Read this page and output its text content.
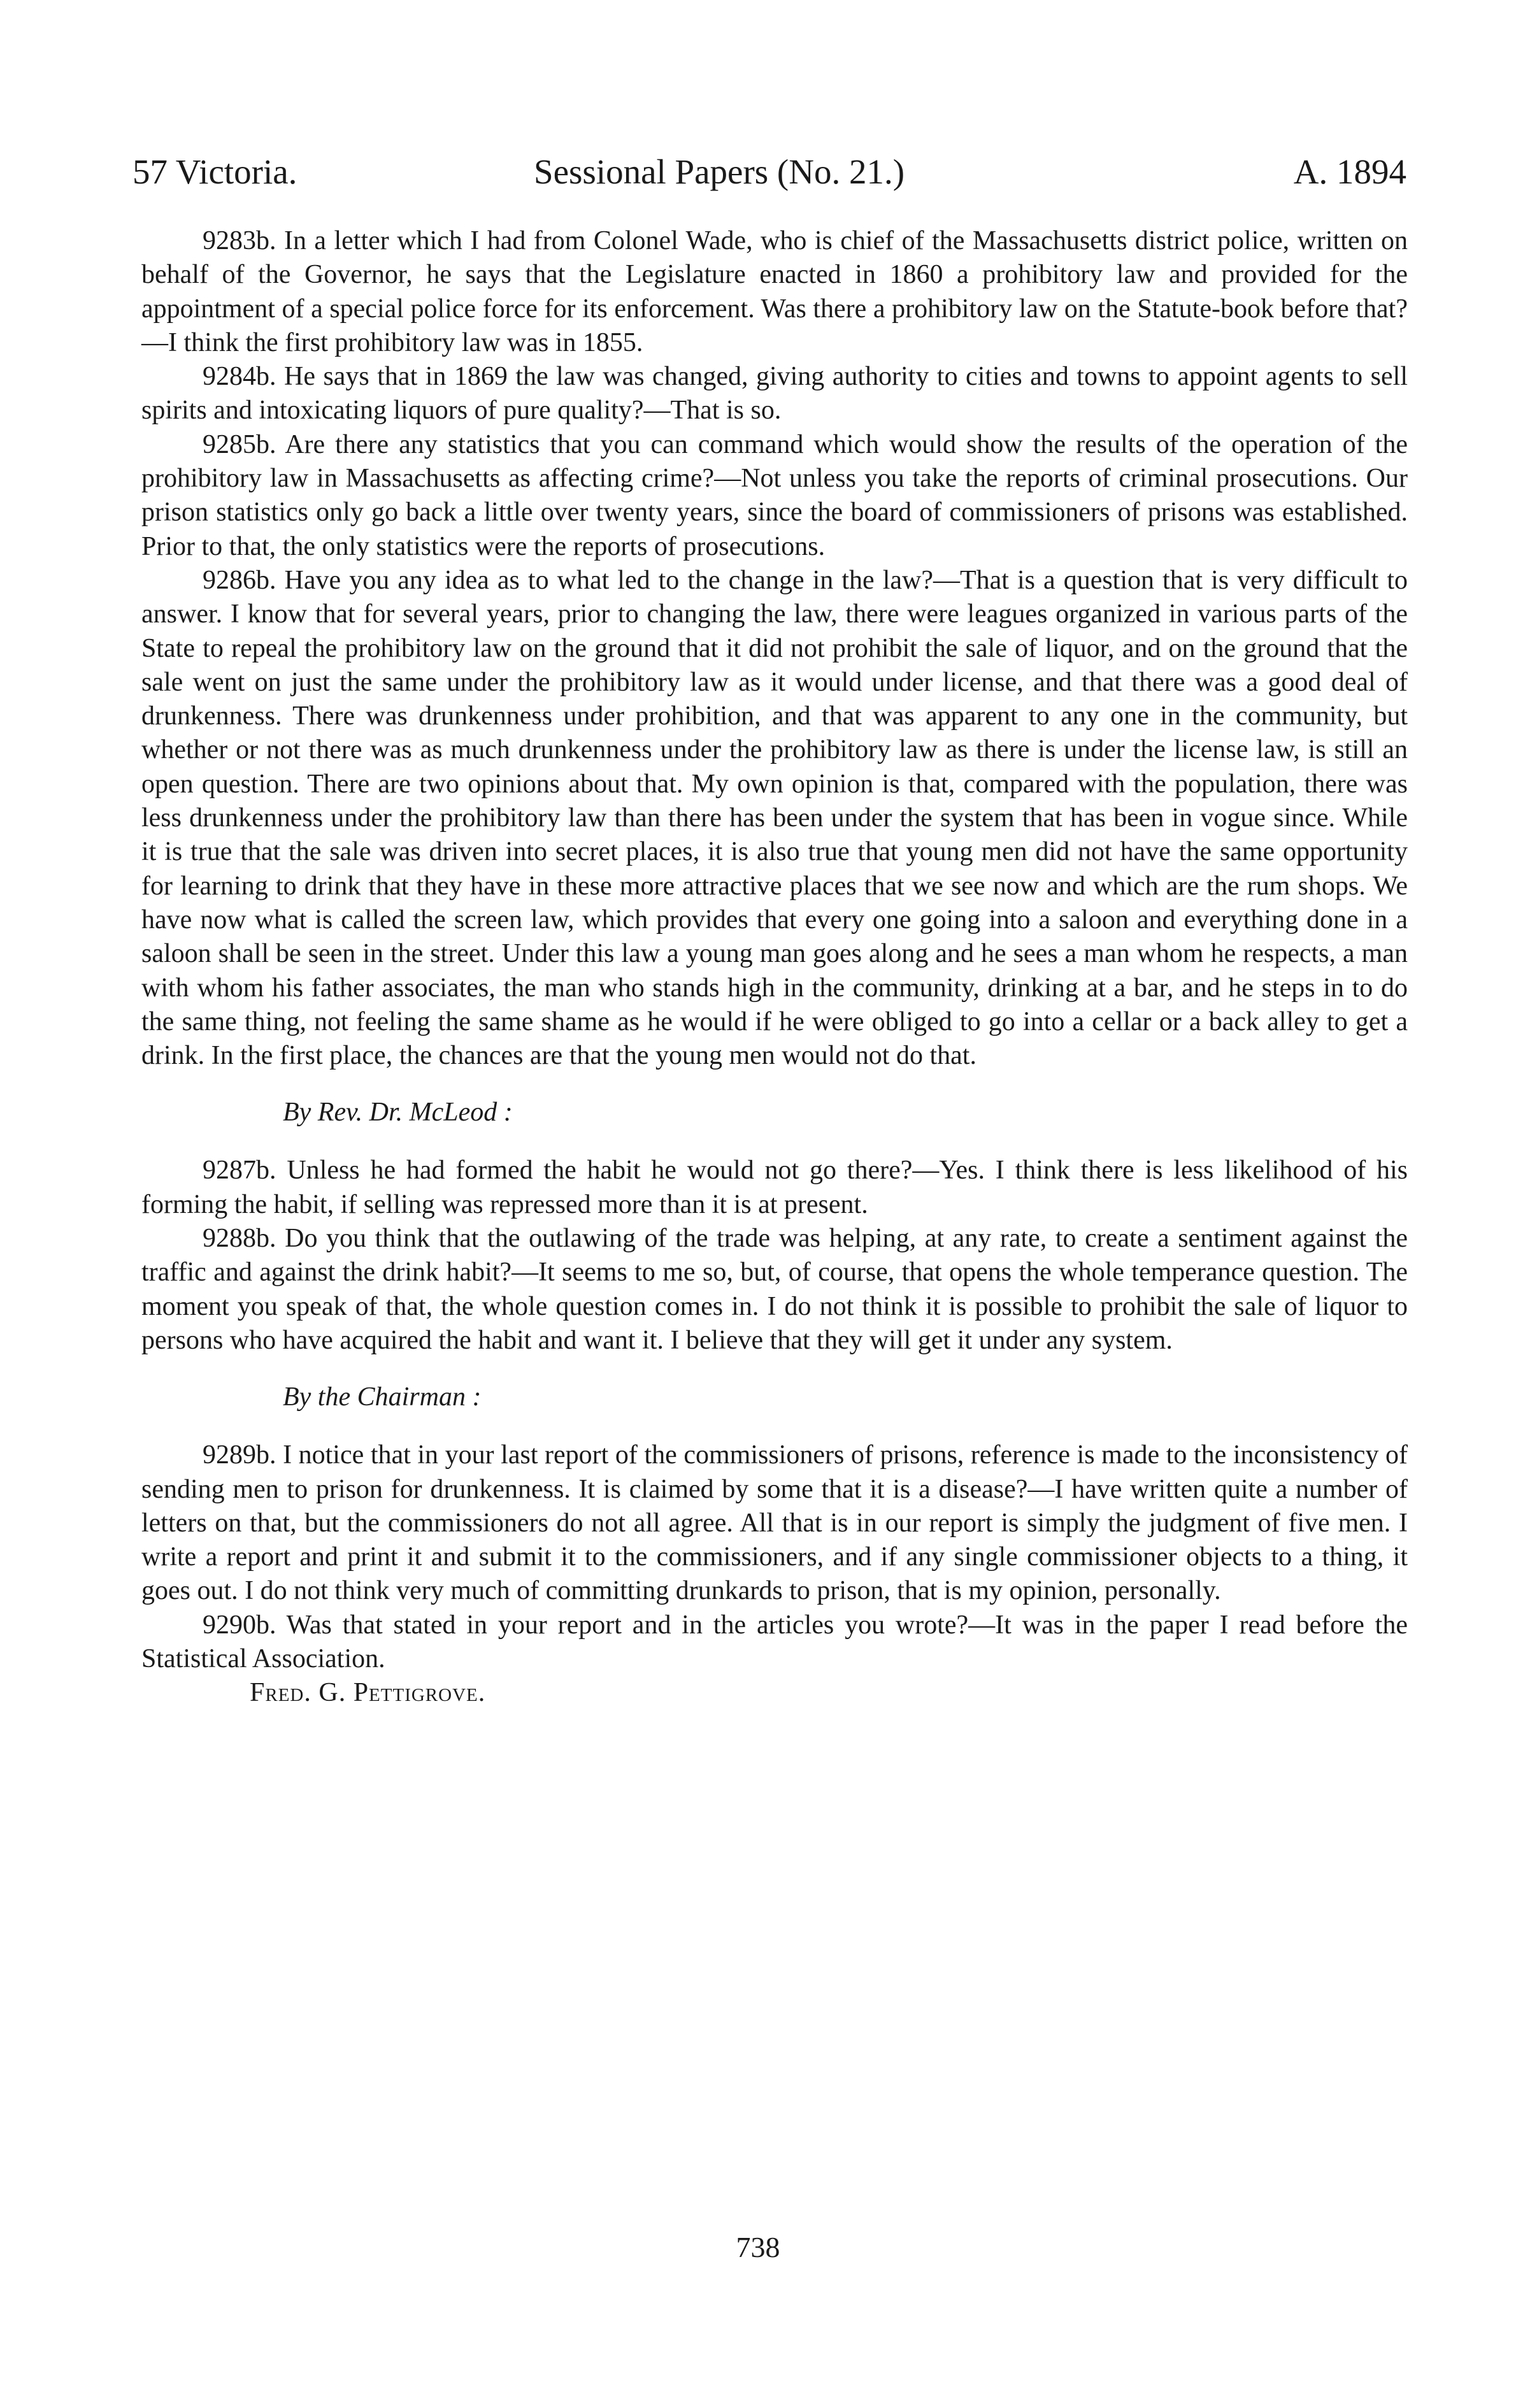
57 Victoria.	Sessional Papers (No. 21.)	A. 1894

9283b. In a letter which I had from Colonel Wade, who is chief of the Massachusetts district police, written on behalf of the Governor, he says that the Legislature enacted in 1860 a prohibitory law and provided for the appointment of a special police force for its enforcement. Was there a prohibitory law on the Statute-book before that?—I think the first prohibitory law was in 1855.

9284b. He says that in 1869 the law was changed, giving authority to cities and towns to appoint agents to sell spirits and intoxicating liquors of pure quality?—That is so.

9285b. Are there any statistics that you can command which would show the results of the operation of the prohibitory law in Massachusetts as affecting crime?—Not unless you take the reports of criminal prosecutions. Our prison statistics only go back a little over twenty years, since the board of commissioners of prisons was established. Prior to that, the only statistics were the reports of prosecutions.

9286b. Have you any idea as to what led to the change in the law?—That is a question that is very difficult to answer. I know that for several years, prior to changing the law, there were leagues organized in various parts of the State to repeal the prohibitory law on the ground that it did not prohibit the sale of liquor, and on the ground that the sale went on just the same under the prohibitory law as it would under license, and that there was a good deal of drunkenness. There was drunkenness under prohibition, and that was apparent to any one in the community, but whether or not there was as much drunkenness under the prohibitory law as there is under the license law, is still an open question. There are two opinions about that. My own opinion is that, compared with the population, there was less drunkenness under the prohibitory law than there has been under the system that has been in vogue since. While it is true that the sale was driven into secret places, it is also true that young men did not have the same opportunity for learning to drink that they have in these more attractive places that we see now and which are the rum shops. We have now what is called the screen law, which provides that every one going into a saloon and everything done in a saloon shall be seen in the street. Under this law a young man goes along and he sees a man whom he respects, a man with whom his father associates, the man who stands high in the community, drinking at a bar, and he steps in to do the same thing, not feeling the same shame as he would if he were obliged to go into a cellar or a back alley to get a drink. In the first place, the chances are that the young men would not do that.

By Rev. Dr. McLeod :

9287b. Unless he had formed the habit he would not go there?—Yes. I think there is less likelihood of his forming the habit, if selling was repressed more than it is at present.

9288b. Do you think that the outlawing of the trade was helping, at any rate, to create a sentiment against the traffic and against the drink habit?—It seems to me so, but, of course, that opens the whole temperance question. The moment you speak of that, the whole question comes in. I do not think it is possible to prohibit the sale of liquor to persons who have acquired the habit and want it. I believe that they will get it under any system.

By the Chairman :

9289b. I notice that in your last report of the commissioners of prisons, reference is made to the inconsistency of sending men to prison for drunkenness. It is claimed by some that it is a disease?—I have written quite a number of letters on that, but the commissioners do not all agree. All that is in our report is simply the judgment of five men. I write a report and print it and submit it to the commissioners, and if any single commissioner objects to a thing, it goes out. I do not think very much of committing drunkards to prison, that is my opinion, personally.

9290b. Was that stated in your report and in the articles you wrote?—It was in the paper I read before the Statistical Association.

Fred. G. Pettigrove.
738
